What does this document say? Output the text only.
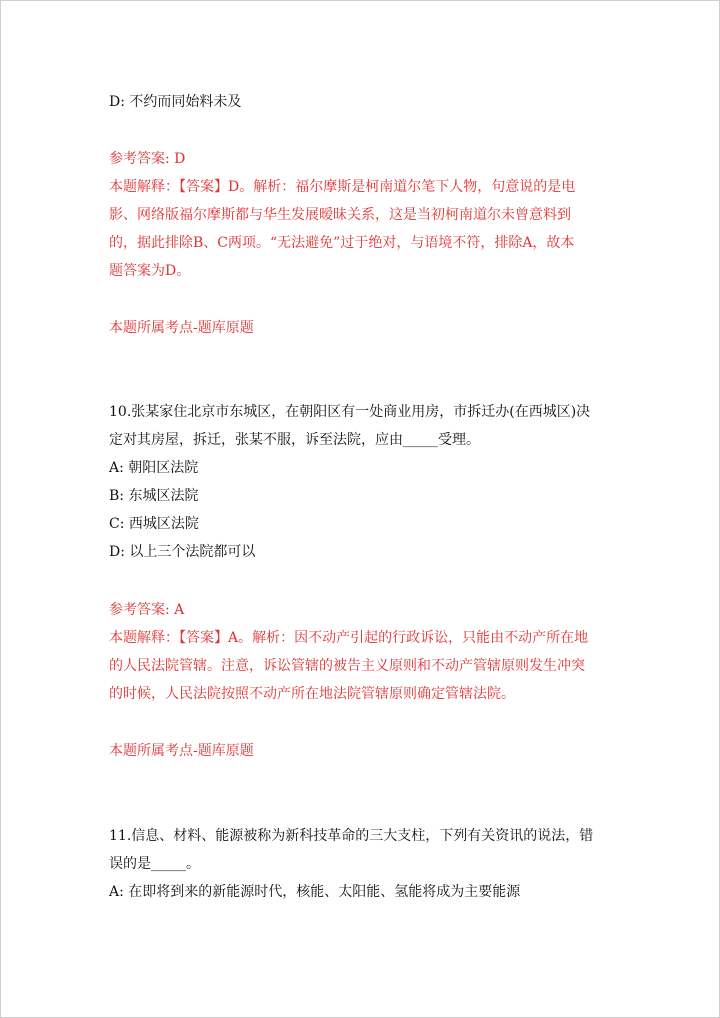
D: 不约而同始料未及
参考答案: D
本题解释：【答案】D。解析：福尔摩斯是柯南道尔笔下人物，句意说的是电
影、网络版福尔摩斯都与华生发展暧昧关系，这是当初柯南道尔未曾意料到
的，据此排除B、C两项。“无法避免”过于绝对，与语境不符，排除A，故本
题答案为D。
本题所属考点-题库原题
10.张某家住北京市东城区，在朝阳区有一处商业用房，市拆迁办(在西城区)决
定对其房屋，拆迁，张某不服，诉至法院，应由_____受理。
A: 朝阳区法院
B: 东城区法院
C: 西城区法院
D: 以上三个法院都可以
参考答案: A
本题解释：【答案】A。解析：因不动产引起的行政诉讼，只能由不动产所在地
的人民法院管辖。注意，诉讼管辖的被告主义原则和不动产管辖原则发生冲突
的时候，人民法院按照不动产所在地法院管辖原则确定管辖法院。
本题所属考点-题库原题
11.信息、材料、能源被称为新科技革命的三大支柱，下列有关资讯的说法，错
误的是_____。
A: 在即将到来的新能源时代，核能、太阳能、氢能将成为主要能源
